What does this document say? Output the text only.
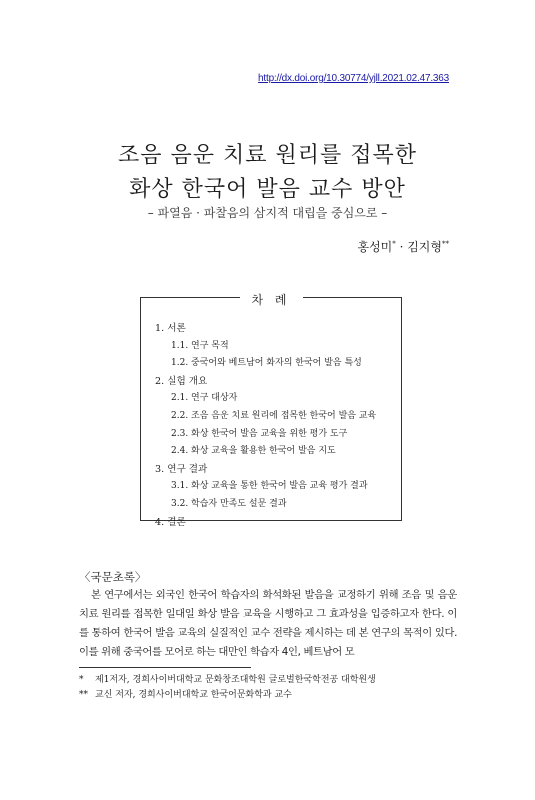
http://dx.doi.org/10.30774/yjll.2021.02.47.363
조음 음운 치료 원리를 접목한
화상 한국어 발음 교수 방안
– 파열음 · 파찰음의 삼지적 대립을 중심으로 –
홍성미* · 김지형**
차 례
1. 서론
1.1. 연구 목적
1.2. 중국어와 베트남어 화자의 한국어 발음 특성
2. 실험 개요
2.1. 연구 대상자
2.2. 조음 음운 치료 원리에 접목한 한국어 발음 교육
2.3. 화상 한국어 발음 교육을 위한 평가 도구
2.4. 화상 교육을 활용한 한국어 발음 지도
3. 연구 결과
3.1. 화상 교육을 통한 한국어 발음 교육 평가 결과
3.2. 학습자 만족도 설문 결과
4. 결론
〈국문초록〉
본 연구에서는 외국인 한국어 학습자의 화석화된 발음을 교정하기 위해 조음 및 음운 치료 원리를 접목한 일대일 화상 발음 교육을 시행하고 그 효과성을 입증하고자 한다. 이를 통하여 한국어 발음 교육의 실질적인 교수 전략을 제시하는 데 본 연구의 목적이 있다. 이를 위해 중국어를 모어로 하는 대만인 학습자 4인, 베트남어 모
* 제1저자, 경희사이버대학교 문화창조대학원 글로벌한국학전공 대학원생
** 교신 저자, 경희사이버대학교 한국어문화학과 교수
